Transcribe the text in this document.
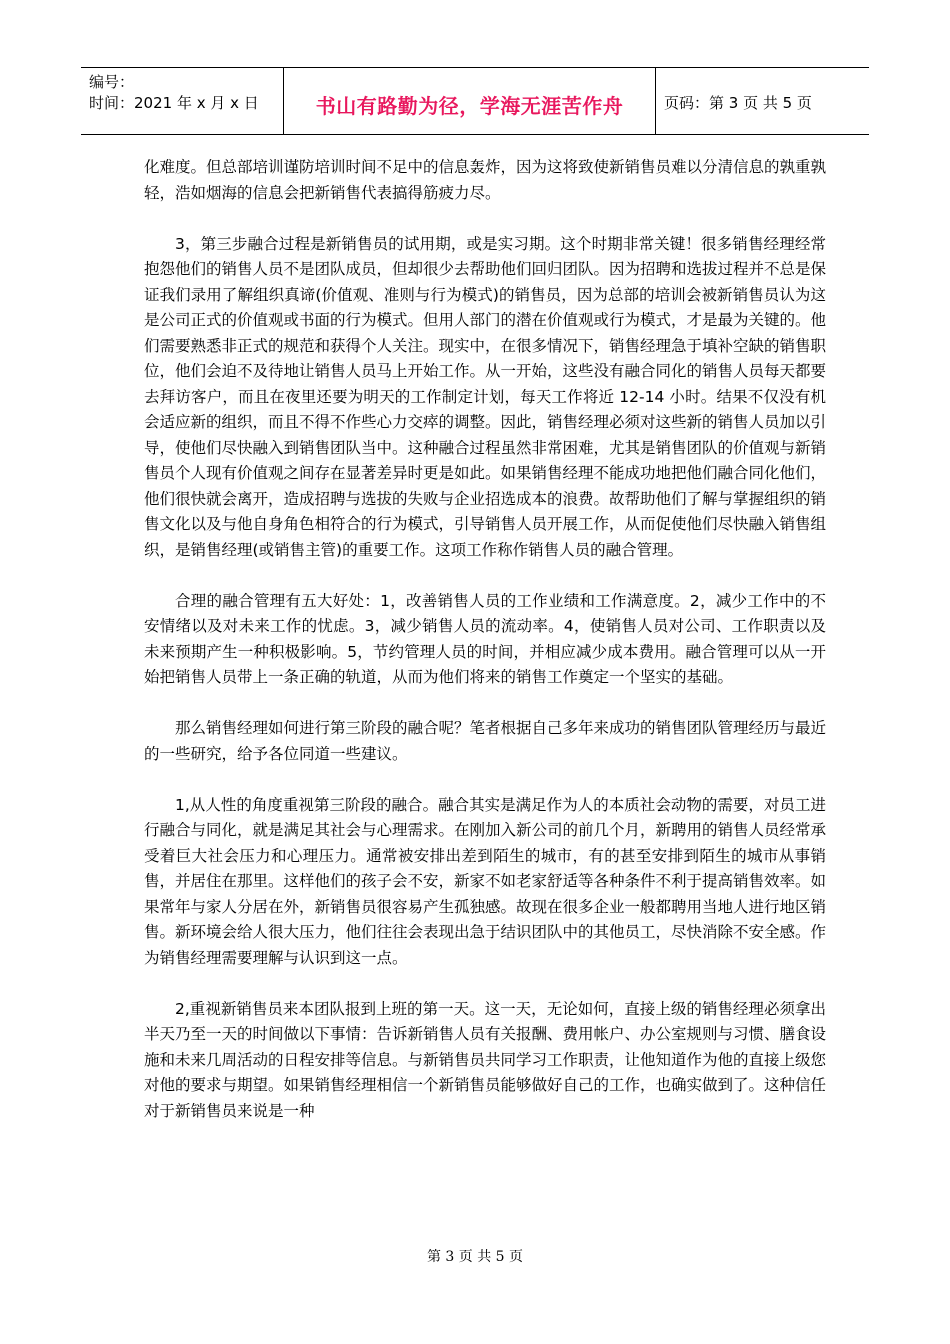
编号：
时间：2021 年 x 月 x 日	书山有路勤为径，学海无涯苦作舟	页码：第 3 页 共 5 页

化难度。但总部培训谨防培训时间不足中的信息轰炸，因为这将致使新销售员难以分清信息的孰重孰轻，浩如烟海的信息会把新销售代表搞得筋疲力尽。

3，第三步融合过程是新销售员的试用期，或是实习期。这个时期非常关键！很多销售经理经常抱怨他们的销售人员不是团队成员，但却很少去帮助他们回归团队。因为招聘和选拔过程并不总是保证我们录用了解组织真谛(价值观、准则与行为模式)的销售员，因为总部的培训会被新销售员认为这是公司正式的价值观或书面的行为模式。但用人部门的潜在价值观或行为模式，才是最为关键的。他们需要熟悉非正式的规范和获得个人关注。现实中，在很多情况下，销售经理急于填补空缺的销售职位，他们会迫不及待地让销售人员马上开始工作。从一开始，这些没有融合同化的销售人员每天都要去拜访客户，而且在夜里还要为明天的工作制定计划，每天工作将近 12-14 小时。结果不仅没有机会适应新的组织，而且不得不作些心力交瘁的调整。因此，销售经理必须对这些新的销售人员加以引导，使他们尽快融入到销售团队当中。这种融合过程虽然非常困难，尤其是销售团队的价值观与新销售员个人现有价值观之间存在显著差异时更是如此。如果销售经理不能成功地把他们融合同化他们，他们很快就会离开，造成招聘与选拔的失败与企业招选成本的浪费。故帮助他们了解与掌握组织的销售文化以及与他自身角色相符合的行为模式，引导销售人员开展工作，从而促使他们尽快融入销售组织，是销售经理(或销售主管)的重要工作。这项工作称作销售人员的融合管理。

合理的融合管理有五大好处：1，改善销售人员的工作业绩和工作满意度。2，减少工作中的不安情绪以及对未来工作的忧虑。3，减少销售人员的流动率。4，使销售人员对公司、工作职责以及未来预期产生一种积极影响。5，节约管理人员的时间，并相应减少成本费用。融合管理可以从一开始把销售人员带上一条正确的轨道，从而为他们将来的销售工作奠定一个坚实的基础。

那么销售经理如何进行第三阶段的融合呢？笔者根据自己多年来成功的销售团队管理经历与最近的一些研究，给予各位同道一些建议。

1,从人性的角度重视第三阶段的融合。融合其实是满足作为人的本质社会动物的需要，对员工进行融合与同化，就是满足其社会与心理需求。在刚加入新公司的前几个月，新聘用的销售人员经常承受着巨大社会压力和心理压力。通常被安排出差到陌生的城市，有的甚至安排到陌生的城市从事销售，并居住在那里。这样他们的孩子会不安，新家不如老家舒适等各种条件不利于提高销售效率。如果常年与家人分居在外，新销售员很容易产生孤独感。故现在很多企业一般都聘用当地人进行地区销售。新环境会给人很大压力，他们往往会表现出急于结识团队中的其他员工，尽快消除不安全感。作为销售经理需要理解与认识到这一点。

2,重视新销售员来本团队报到上班的第一天。这一天，无论如何，直接上级的销售经理必须拿出半天乃至一天的时间做以下事情：告诉新销售人员有关报酬、费用帐户、办公室规则与习惯、膳食设施和未来几周活动的日程安排等信息。与新销售员共同学习工作职责，让他知道作为他的直接上级您对他的要求与期望。如果销售经理相信一个新销售员能够做好自己的工作，也确实做到了。这种信任对于新销售员来说是一种

第 3 页 共 5 页
